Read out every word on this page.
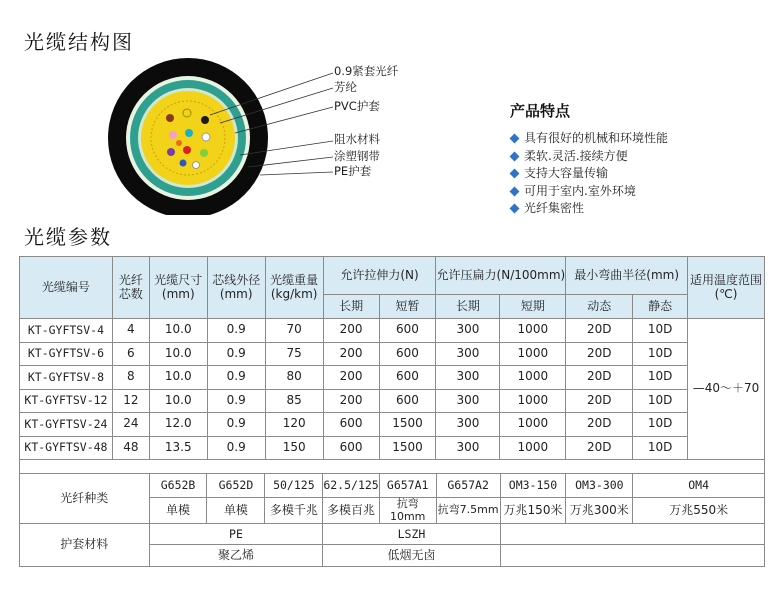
光缆结构图
光缆参数
0.9紧套光纤
芳纶
PVC护套
阻水材料
涂塑钢带
PE护套
产品特点
具有很好的机械和环境性能
柔软.灵活.接续方便
支持大容量传输
可用于室内.室外环境
光纤集密性
光缆编号	光纤芯数	光缆尺寸(mm)	芯线外径(mm)	光缆重量(kg/km)	允许拉伸力(N)		允许压扁力(N/100mm)		最小弯曲半径(mm)		适用温度范围(℃)
					长期	短暂	长期	短期	动态	静态	
KT-GYFTSV-4	4	10.0	0.9	70	200	600	300	1000	20D	10D	—40～＋70
KT-GYFTSV-6	6	10.0	0.9	75	200	600	300	1000	20D	10D	
KT-GYFTSV-8	8	10.0	0.9	80	200	600	300	1000	20D	10D	
KT-GYFTSV-12	12	10.0	0.9	85	200	600	300	1000	20D	10D	
KT-GYFTSV-24	24	12.0	0.9	120	600	1500	300	1000	20D	10D	
KT-GYFTSV-48	48	13.5	0.9	150	600	1500	300	1000	20D	10D	

光纤种类	G652B	G652D	50/125	62.5/125	G657A1	G657A2	OM3-150	OM3-300	OM4
	单模	单模	多模千兆	多模百兆	抗弯10mm	抗弯7.5mm	万兆150米	万兆300米	万兆550米
护套材料	PE			LSZH					
	聚乙烯			低烟无卤					
